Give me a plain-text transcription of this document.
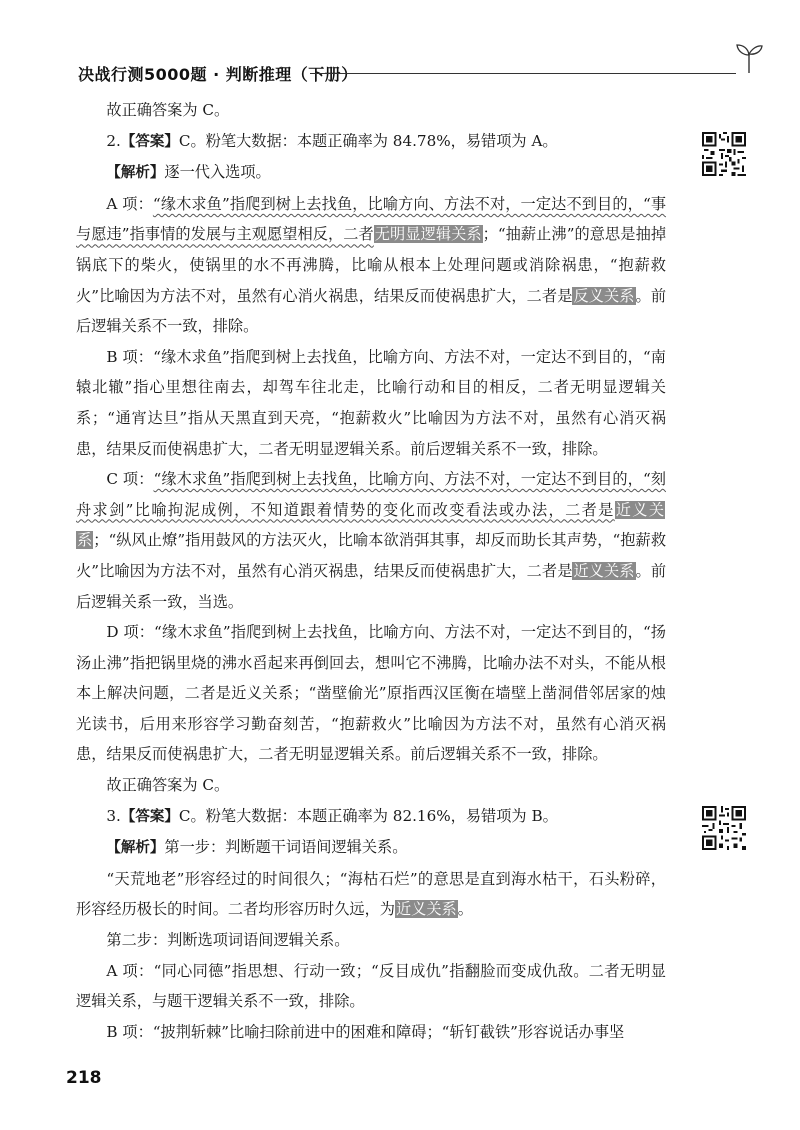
决战行测5000题 · 判断推理（下册）

故正确答案为 C。

2.【答案】C。粉笔大数据：本题正确率为 84.78%，易错项为 A。

【解析】逐一代入选项。

A 项：“缘木求鱼”指爬到树上去找鱼，比喻方向、方法不对，一定达不到目的，“事与愿违”指事情的发展与主观愿望相反，二者无明显逻辑关系；“抽薪止沸”的意思是抽掉锅底下的柴火，使锅里的水不再沸腾，比喻从根本上处理问题或消除祸患，“抱薪救火”比喻因为方法不对，虽然有心消火祸患，结果反而使祸患扩大，二者是反义关系。前后逻辑关系不一致，排除。

B 项：“缘木求鱼”指爬到树上去找鱼，比喻方向、方法不对，一定达不到目的，“南辕北辙”指心里想往南去，却驾车往北走，比喻行动和目的相反，二者无明显逻辑关系；“通宵达旦”指从天黑直到天亮，“抱薪救火”比喻因为方法不对，虽然有心消灭祸患，结果反而使祸患扩大，二者无明显逻辑关系。前后逻辑关系不一致，排除。

C 项：“缘木求鱼”指爬到树上去找鱼，比喻方向、方法不对，一定达不到目的，“刻舟求剑”比喻拘泥成例，不知道跟着情势的变化而改变看法或办法，二者是近义关系；“纵风止燎”指用鼓风的方法灭火，比喻本欲消弭其事，却反而助长其声势，“抱薪救火”比喻因为方法不对，虽然有心消灭祸患，结果反而使祸患扩大，二者是近义关系。前后逻辑关系一致，当选。

D 项：“缘木求鱼”指爬到树上去找鱼，比喻方向、方法不对，一定达不到目的，“扬汤止沸”指把锅里烧的沸水舀起来再倒回去，想叫它不沸腾，比喻办法不对头，不能从根本上解决问题，二者是近义关系；“凿壁偷光”原指西汉匡衡在墙壁上凿洞借邻居家的烛光读书，后用来形容学习勤奋刻苦，“抱薪救火”比喻因为方法不对，虽然有心消灭祸患，结果反而使祸患扩大，二者无明显逻辑关系。前后逻辑关系不一致，排除。

故正确答案为 C。

3.【答案】C。粉笔大数据：本题正确率为 82.16%，易错项为 B。

【解析】第一步：判断题干词语间逻辑关系。

“天荒地老”形容经过的时间很久；“海枯石烂”的意思是直到海水枯干，石头粉碎，形容经历极长的时间。二者均形容历时久远，为近义关系。

第二步：判断选项词语间逻辑关系。

A 项：“同心同德”指思想、行动一致；“反目成仇”指翻脸而变成仇敌。二者无明显逻辑关系，与题干逻辑关系不一致，排除。

B 项：“披荆斩棘”比喻扫除前进中的困难和障碍；“斩钉截铁”形容说话办事坚

218
